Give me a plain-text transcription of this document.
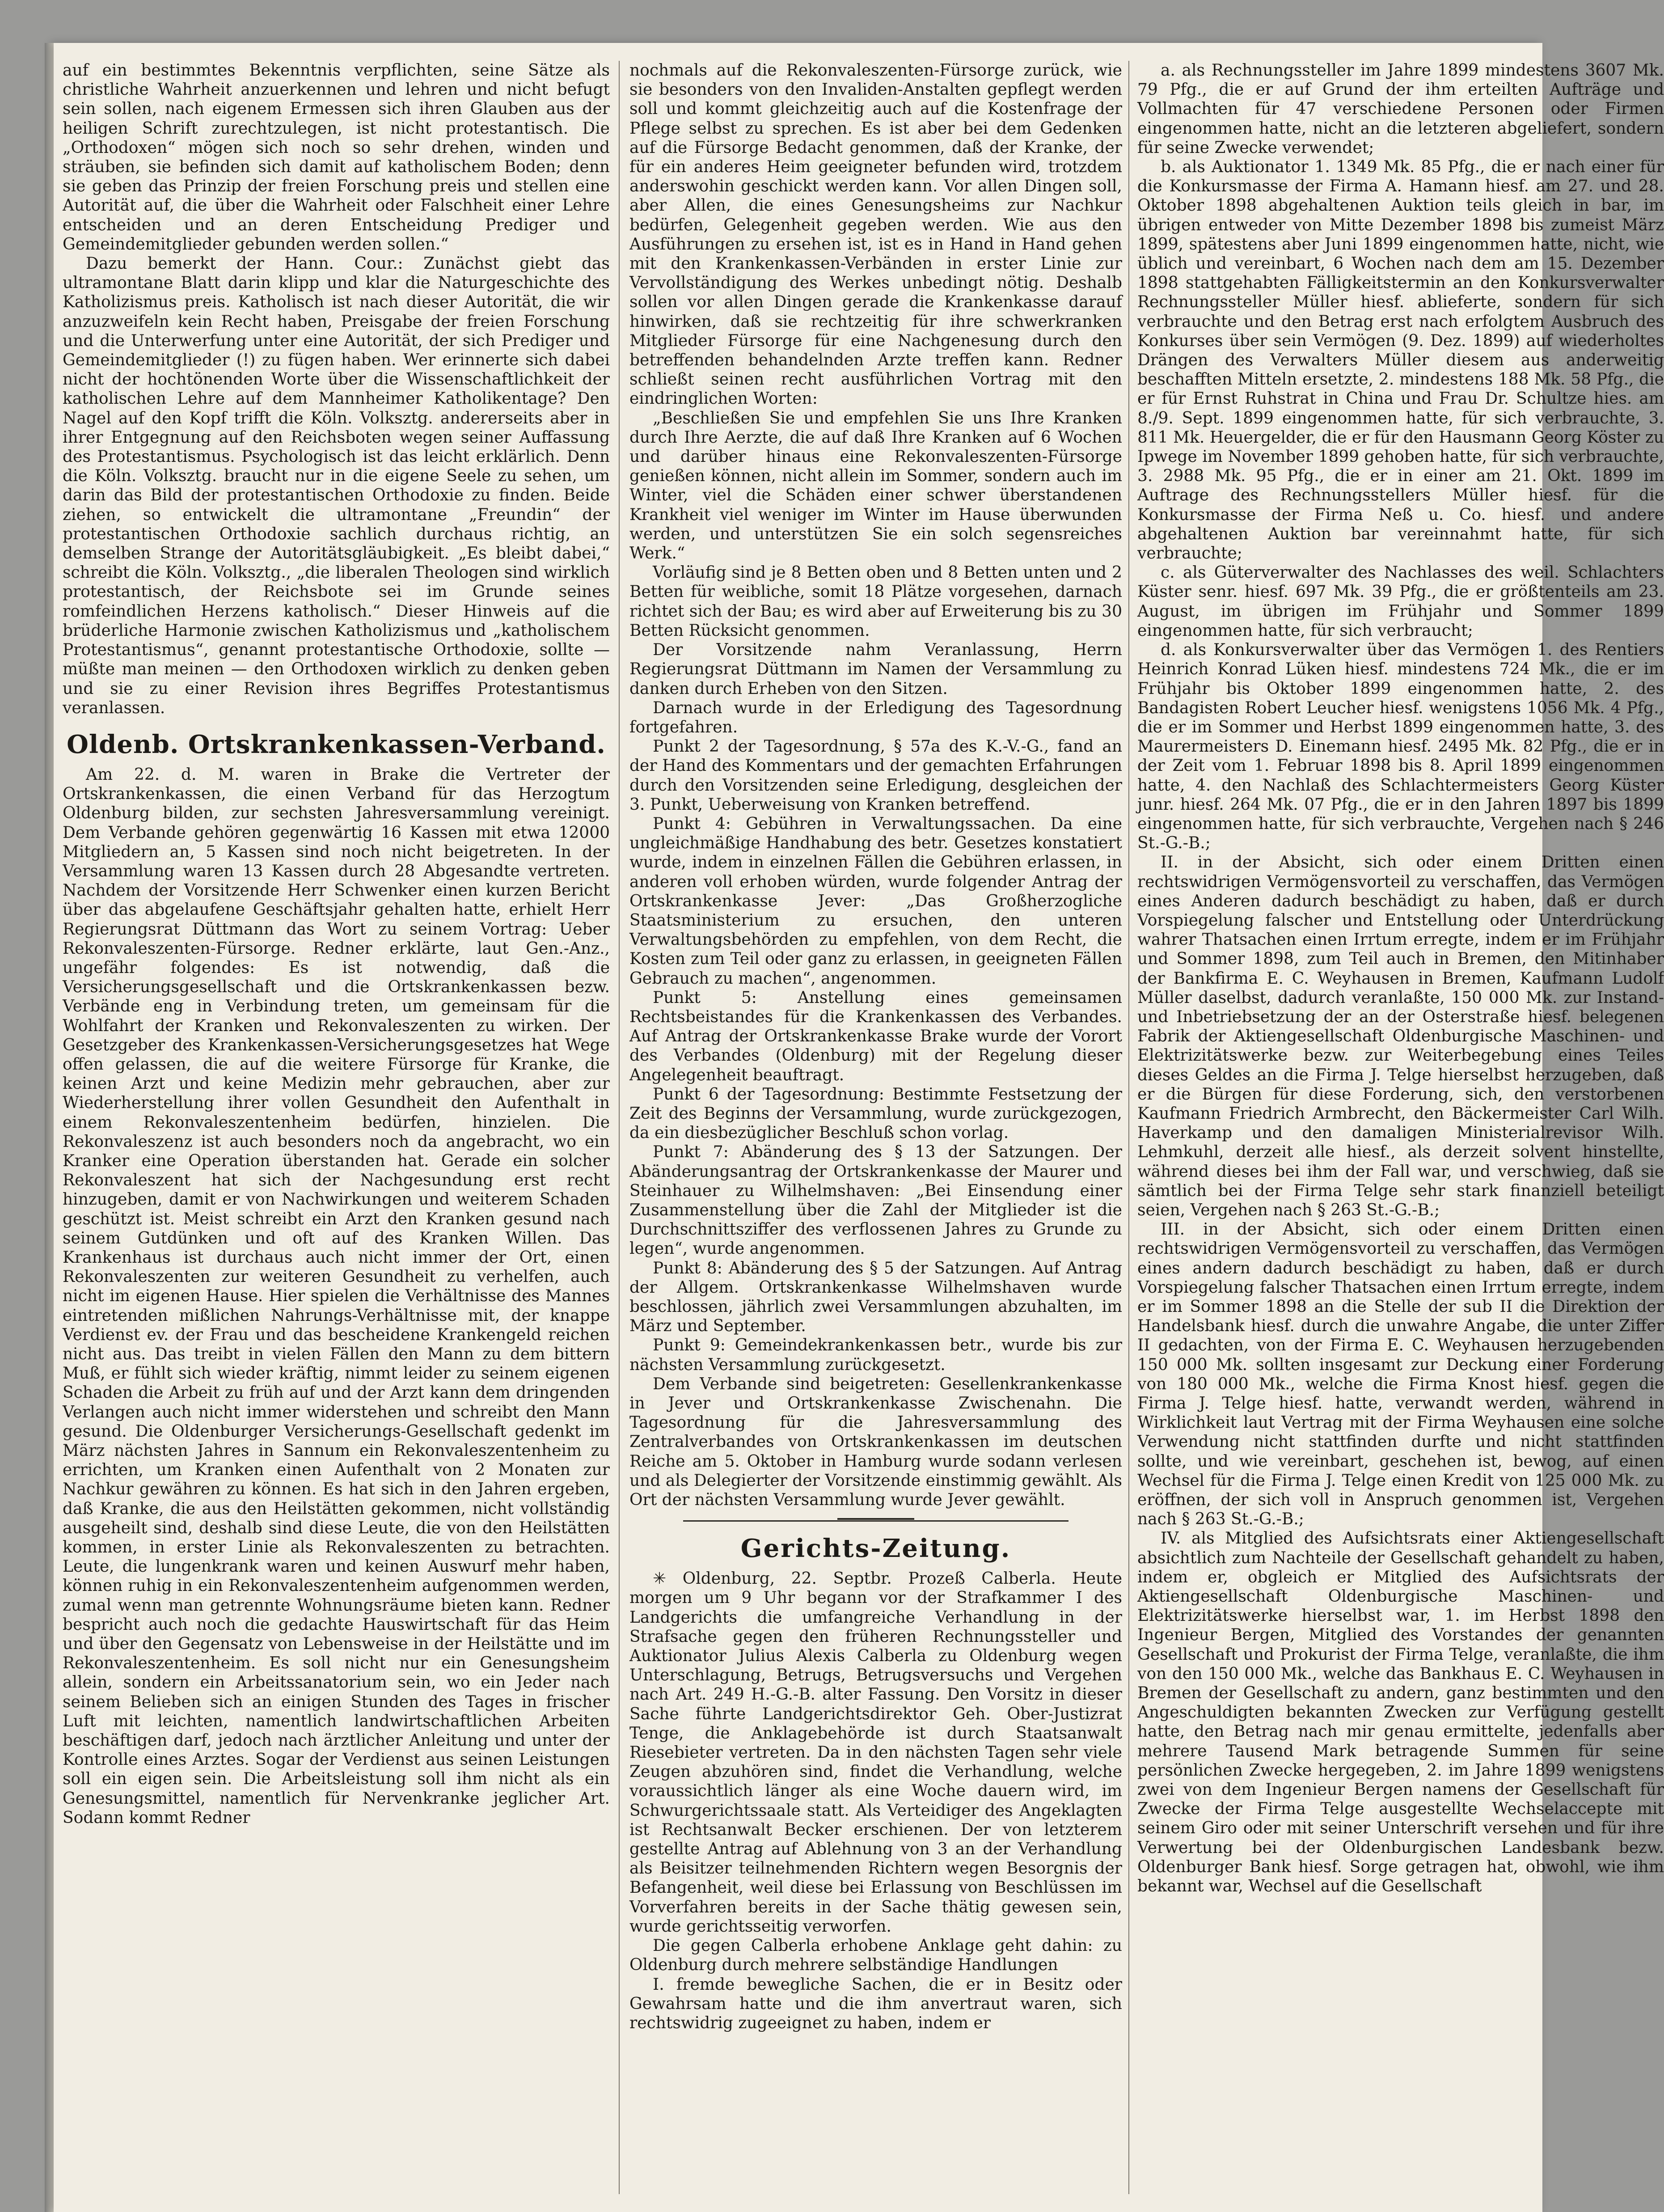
auf ein bestimmtes Bekenntnis verpflichten, seine Sätze als christliche Wahrheit anzuerkennen und lehren und nicht befugt sein sollen, nach eigenem Ermessen sich ihren Glauben aus der heiligen Schrift zurechtzulegen, ist nicht protestantisch. Die „Orthodoxen“ mögen sich noch so sehr drehen, winden und sträuben, sie befinden sich damit auf katholischem Boden; denn sie geben das Prinzip der freien Forschung preis und stellen eine Autorität auf, die über die Wahrheit oder Falschheit einer Lehre entscheiden und an deren Entscheidung Prediger und Gemeindemitglieder gebunden werden sollen.“

Dazu bemerkt der Hann. Cour.: Zunächst giebt das ultramontane Blatt darin klipp und klar die Naturgeschichte des Katholizismus preis. Katholisch ist nach dieser Autorität, die wir anzuzweifeln kein Recht haben, Preisgabe der freien Forschung und die Unterwerfung unter eine Autorität, der sich Prediger und Gemeindemitglieder (!) zu fügen haben. Wer erinnerte sich dabei nicht der hochtönenden Worte über die Wissenschaftlichkeit der katholischen Lehre auf dem Mannheimer Katholikentage? Den Nagel auf den Kopf trifft die Köln. Volksztg. andererseits aber in ihrer Entgegnung auf den Reichsboten wegen seiner Auffassung des Protestantismus. Psychologisch ist das leicht erklärlich. Denn die Köln. Volksztg. braucht nur in die eigene Seele zu sehen, um darin das Bild der protestantischen Orthodoxie zu finden. Beide ziehen, so entwickelt die ultramontane „Freundin“ der protestantischen Orthodoxie sachlich durchaus richtig, an demselben Strange der Autoritätsgläubigkeit. „Es bleibt dabei,“ schreibt die Köln. Volksztg., „die liberalen Theologen sind wirklich protestantisch, der Reichsbote sei im Grunde seines romfeindlichen Herzens katholisch.“ Dieser Hinweis auf die brüderliche Harmonie zwischen Katholizismus und „katholischem Protestantismus“, genannt protestantische Orthodoxie, sollte — müßte man meinen — den Orthodoxen wirklich zu denken geben und sie zu einer Revision ihres Begriffes Protestantismus veranlassen.

Oldenb. Ortskrankenkassen-Verband.

Am 22. d. M. waren in Brake die Vertreter der Ortskrankenkassen, die einen Verband für das Herzogtum Oldenburg bilden, zur sechsten Jahresversammlung vereinigt. Dem Verbande gehören gegenwärtig 16 Kassen mit etwa 12000 Mitgliedern an, 5 Kassen sind noch nicht beigetreten. In der Versammlung waren 13 Kassen durch 28 Abgesandte vertreten. Nachdem der Vorsitzende Herr Schwenker einen kurzen Bericht über das abgelaufene Geschäftsjahr gehalten hatte, erhielt Herr Regierungsrat Düttmann das Wort zu seinem Vortrag: Ueber Rekonvaleszenten-Fürsorge. Redner erklärte, laut Gen.-Anz., ungefähr folgendes: Es ist notwendig, daß die Versicherungsgesellschaft und die Ortskrankenkassen bezw. Verbände eng in Verbindung treten, um gemeinsam für die Wohlfahrt der Kranken und Rekonvaleszenten zu wirken. Der Gesetzgeber des Krankenkassen-Versicherungsgesetzes hat Wege offen gelassen, die auf die weitere Fürsorge für Kranke, die keinen Arzt und keine Medizin mehr gebrauchen, aber zur Wiederherstellung ihrer vollen Gesundheit den Aufenthalt in einem Rekonvaleszentenheim bedürfen, hinzielen. Die Rekonvaleszenz ist auch besonders noch da angebracht, wo ein Kranker eine Operation überstanden hat. Gerade ein solcher Rekonvaleszent hat sich der Nachgesundung erst recht hinzugeben, damit er von Nachwirkungen und weiterem Schaden geschützt ist. Meist schreibt ein Arzt den Kranken gesund nach seinem Gutdünken und oft auf des Kranken Willen. Das Krankenhaus ist durchaus auch nicht immer der Ort, einen Rekonvaleszenten zur weiteren Gesundheit zu verhelfen, auch nicht im eigenen Hause. Hier spielen die Verhältnisse des Mannes eintretenden mißlichen Nahrungs-Verhältnisse mit, der knappe Verdienst ev. der Frau und das bescheidene Krankengeld reichen nicht aus. Das treibt in vielen Fällen den Mann zu dem bittern Muß, er fühlt sich wieder kräftig, nimmt leider zu seinem eigenen Schaden die Arbeit zu früh auf und der Arzt kann dem dringenden Verlangen auch nicht immer widerstehen und schreibt den Mann gesund. Die Oldenburger Versicherungs-Gesellschaft gedenkt im März nächsten Jahres in Sannum ein Rekonvaleszentenheim zu errichten, um Kranken einen Aufenthalt von 2 Monaten zur Nachkur gewähren zu können. Es hat sich in den Jahren ergeben, daß Kranke, die aus den Heilstätten gekommen, nicht vollständig ausgeheilt sind, deshalb sind diese Leute, die von den Heilstätten kommen, in erster Linie als Rekonvaleszenten zu betrachten. Leute, die lungenkrank waren und keinen Auswurf mehr haben, können ruhig in ein Rekonvaleszentenheim aufgenommen werden, zumal wenn man getrennte Wohnungsräume bieten kann. Redner bespricht auch noch die gedachte Hauswirtschaft für das Heim und über den Gegensatz von Lebensweise in der Heilstätte und im Rekonvaleszentenheim. Es soll nicht nur ein Genesungsheim allein, sondern ein Arbeitssanatorium sein, wo ein Jeder nach seinem Belieben sich an einigen Stunden des Tages in frischer Luft mit leichten, namentlich landwirtschaftlichen Arbeiten beschäftigen darf, jedoch nach ärztlicher Anleitung und unter der Kontrolle eines Arztes. Sogar der Verdienst aus seinen Leistungen soll ein eigen sein. Die Arbeitsleistung soll ihm nicht als ein Genesungsmittel, namentlich für Nervenkranke jeglicher Art. Sodann kommt Redner

nochmals auf die Rekonvaleszenten-Fürsorge zurück, wie sie besonders von den Invaliden-Anstalten gepflegt werden soll und kommt gleichzeitig auch auf die Kostenfrage der Pflege selbst zu sprechen. Es ist aber bei dem Gedenken auf die Fürsorge Bedacht genommen, daß der Kranke, der für ein anderes Heim geeigneter befunden wird, trotzdem anderswohin geschickt werden kann. Vor allen Dingen soll, aber Allen, die eines Genesungsheims zur Nachkur bedürfen, Gelegenheit gegeben werden. Wie aus den Ausführungen zu ersehen ist, ist es in Hand in Hand gehen mit den Krankenkassen-Verbänden in erster Linie zur Vervollständigung des Werkes unbedingt nötig. Deshalb sollen vor allen Dingen gerade die Krankenkasse darauf hinwirken, daß sie rechtzeitig für ihre schwerkranken Mitglieder Fürsorge für eine Nachgenesung durch den betreffenden behandelnden Arzte treffen kann. Redner schließt seinen recht ausführlichen Vortrag mit den eindringlichen Worten:

„Beschließen Sie und empfehlen Sie uns Ihre Kranken durch Ihre Aerzte, die auf daß Ihre Kranken auf 6 Wochen und darüber hinaus eine Rekonvaleszenten-Fürsorge genießen können, nicht allein im Sommer, sondern auch im Winter, viel die Schäden einer schwer überstandenen Krankheit viel weniger im Winter im Hause überwunden werden, und unterstützen Sie ein solch segensreiches Werk.“

Vorläufig sind je 8 Betten oben und 8 Betten unten und 2 Betten für weibliche, somit 18 Plätze vorgesehen, darnach richtet sich der Bau; es wird aber auf Erweiterung bis zu 30 Betten Rücksicht genommen.

Der Vorsitzende nahm Veranlassung, Herrn Regierungsrat Düttmann im Namen der Versammlung zu danken durch Erheben von den Sitzen.

Darnach wurde in der Erledigung des Tagesordnung fortgefahren.

Punkt 2 der Tagesordnung, § 57a des K.-V.-G., fand an der Hand des Kommentars und der gemachten Erfahrungen durch den Vorsitzenden seine Erledigung, desgleichen der 3. Punkt, Ueberweisung von Kranken betreffend.

Punkt 4: Gebühren in Verwaltungssachen. Da eine ungleichmäßige Handhabung des betr. Gesetzes konstatiert wurde, indem in einzelnen Fällen die Gebühren erlassen, in anderen voll erhoben würden, wurde folgender Antrag der Ortskrankenkasse Jever: „Das Großherzogliche Staatsministerium zu ersuchen, den unteren Verwaltungsbehörden zu empfehlen, von dem Recht, die Kosten zum Teil oder ganz zu erlassen, in geeigneten Fällen Gebrauch zu machen“, angenommen.

Punkt 5: Anstellung eines gemeinsamen Rechtsbeistandes für die Krankenkassen des Verbandes. Auf Antrag der Ortskrankenkasse Brake wurde der Vorort des Verbandes (Oldenburg) mit der Regelung dieser Angelegenheit beauftragt.

Punkt 6 der Tagesordnung: Bestimmte Festsetzung der Zeit des Beginns der Versammlung, wurde zurückgezogen, da ein diesbezüglicher Beschluß schon vorlag.

Punkt 7: Abänderung des § 13 der Satzungen. Der Abänderungsantrag der Ortskrankenkasse der Maurer und Steinhauer zu Wilhelmshaven: „Bei Einsendung einer Zusammenstellung über die Zahl der Mitglieder ist die Durchschnittsziffer des verflossenen Jahres zu Grunde zu legen“, wurde angenommen.

Punkt 8: Abänderung des § 5 der Satzungen. Auf Antrag der Allgem. Ortskrankenkasse Wilhelmshaven wurde beschlossen, jährlich zwei Versammlungen abzuhalten, im März und September.

Punkt 9: Gemeindekrankenkassen betr., wurde bis zur nächsten Versammlung zurückgesetzt.

Dem Verbande sind beigetreten: Gesellenkrankenkasse in Jever und Ortskrankenkasse Zwischenahn. Die Tagesordnung für die Jahresversammlung des Zentralverbandes von Ortskrankenkassen im deutschen Reiche am 5. Oktober in Hamburg wurde sodann verlesen und als Delegierter der Vorsitzende einstimmig gewählt. Als Ort der nächsten Versammlung wurde Jever gewählt.

Gerichts-Zeitung.

✳ Oldenburg, 22. Septbr. Prozeß Calberla. Heute morgen um 9 Uhr begann vor der Strafkammer I des Landgerichts die umfangreiche Verhandlung in der Strafsache gegen den früheren Rechnungssteller und Auktionator Julius Alexis Calberla zu Oldenburg wegen Unterschlagung, Betrugs, Betrugsversuchs und Vergehen nach Art. 249 H.-G.-B. alter Fassung. Den Vorsitz in dieser Sache führte Landgerichtsdirektor Geh. Ober-Justizrat Tenge, die Anklagebehörde ist durch Staatsanwalt Riesebieter vertreten. Da in den nächsten Tagen sehr viele Zeugen abzuhören sind, findet die Verhandlung, welche voraussichtlich länger als eine Woche dauern wird, im Schwurgerichtssaale statt. Als Verteidiger des Angeklagten ist Rechtsanwalt Becker erschienen. Der von letzterem gestellte Antrag auf Ablehnung von 3 an der Verhandlung als Beisitzer teilnehmenden Richtern wegen Besorgnis der Befangenheit, weil diese bei Erlassung von Beschlüssen im Vorverfahren bereits in der Sache thätig gewesen sein, wurde gerichtsseitig verworfen.

Die gegen Calberla erhobene Anklage geht dahin: zu Oldenburg durch mehrere selbständige Handlungen

I. fremde bewegliche Sachen, die er in Besitz oder Gewahrsam hatte und die ihm anvertraut waren, sich rechtswidrig zugeeignet zu haben, indem er

a. als Rechnungssteller im Jahre 1899 mindestens 3607 Mk. 79 Pfg., die er auf Grund der ihm erteilten Aufträge und Vollmachten für 47 verschiedene Personen oder Firmen eingenommen hatte, nicht an die letzteren abgeliefert, sondern für seine Zwecke verwendet;

b. als Auktionator 1. 1349 Mk. 85 Pfg., die er nach einer für die Konkursmasse der Firma A. Hamann hiesf. am 27. und 28. Oktober 1898 abgehaltenen Auktion teils gleich in bar, im übrigen entweder von Mitte Dezember 1898 bis zumeist März 1899, spätestens aber Juni 1899 eingenommen hatte, nicht, wie üblich und vereinbart, 6 Wochen nach dem am 15. Dezember 1898 stattgehabten Fälligkeitstermin an den Konkursverwalter Rechnungssteller Müller hiesf. ablieferte, sondern für sich verbrauchte und den Betrag erst nach erfolgtem Ausbruch des Konkurses über sein Vermögen (9. Dez. 1899) auf wiederholtes Drängen des Verwalters Müller diesem aus anderweitig beschafften Mitteln ersetzte, 2. mindestens 188 Mk. 58 Pfg., die er für Ernst Ruhstrat in China und Frau Dr. Schultze hies. am 8./9. Sept. 1899 eingenommen hatte, für sich verbrauchte, 3. 811 Mk. Heuergelder, die er für den Hausmann Georg Köster zu Ipwege im November 1899 gehoben hatte, für sich verbrauchte, 3. 2988 Mk. 95 Pfg., die er in einer am 21. Okt. 1899 im Auftrage des Rechnungsstellers Müller hiesf. für die Konkursmasse der Firma Neß u. Co. hiesf. und andere abgehaltenen Auktion bar vereinnahmt hatte, für sich verbrauchte;

c. als Güterverwalter des Nachlasses des weil. Schlachters Küster senr. hiesf. 697 Mk. 39 Pfg., die er größtenteils am 23. August, im übrigen im Frühjahr und Sommer 1899 eingenommen hatte, für sich verbraucht;

d. als Konkursverwalter über das Vermögen 1. des Rentiers Heinrich Konrad Lüken hiesf. mindestens 724 Mk., die er im Frühjahr bis Oktober 1899 eingenommen hatte, 2. des Bandagisten Robert Leucher hiesf. wenigstens 1056 Mk. 4 Pfg., die er im Sommer und Herbst 1899 eingenommen hatte, 3. des Maurermeisters D. Einemann hiesf. 2495 Mk. 82 Pfg., die er in der Zeit vom 1. Februar 1898 bis 8. April 1899 eingenommen hatte, 4. den Nachlaß des Schlachtermeisters Georg Küster junr. hiesf. 264 Mk. 07 Pfg., die er in den Jahren 1897 bis 1899 eingenommen hatte, für sich verbrauchte, Vergehen nach § 246 St.-G.-B.;

II. in der Absicht, sich oder einem Dritten einen rechtswidrigen Vermögensvorteil zu verschaffen, das Vermögen eines Anderen dadurch beschädigt zu haben, daß er durch Vorspiegelung falscher und Entstellung oder Unterdrückung wahrer Thatsachen einen Irrtum erregte, indem er im Frühjahr und Sommer 1898, zum Teil auch in Bremen, den Mitinhaber der Bankfirma E. C. Weyhausen in Bremen, Kaufmann Ludolf Müller daselbst, dadurch veranlaßte, 150 000 Mk. zur Instand- und Inbetriebsetzung der an der Osterstraße hiesf. belegenen Fabrik der Aktiengesellschaft Oldenburgische Maschinen- und Elektrizitätswerke bezw. zur Weiterbegebung eines Teiles dieses Geldes an die Firma J. Telge hierselbst herzugeben, daß er die Bürgen für diese Forderung, sich, den verstorbenen Kaufmann Friedrich Armbrecht, den Bäckermeister Carl Wilh. Haverkamp und den damaligen Ministerialrevisor Wilh. Lehmkuhl, derzeit alle hiesf., als derzeit solvent hinstellte, während dieses bei ihm der Fall war, und verschwieg, daß sie sämtlich bei der Firma Telge sehr stark finanziell beteiligt seien, Vergehen nach § 263 St.-G.-B.;

III. in der Absicht, sich oder einem Dritten einen rechtswidrigen Vermögensvorteil zu verschaffen, das Vermögen eines andern dadurch beschädigt zu haben, daß er durch Vorspiegelung falscher Thatsachen einen Irrtum erregte, indem er im Sommer 1898 an die Stelle der sub II die Direktion der Handelsbank hiesf. durch die unwahre Angabe, die unter Ziffer II gedachten, von der Firma E. C. Weyhausen herzugebenden 150 000 Mk. sollten insgesamt zur Deckung einer Forderung von 180 000 Mk., welche die Firma Knost hiesf. gegen die Firma J. Telge hiesf. hatte, verwandt werden, während in Wirklichkeit laut Vertrag mit der Firma Weyhausen eine solche Verwendung nicht stattfinden durfte und nicht stattfinden sollte, und wie vereinbart, geschehen ist, bewog, auf einen Wechsel für die Firma J. Telge einen Kredit von 125 000 Mk. zu eröffnen, der sich voll in Anspruch genommen ist, Vergehen nach § 263 St.-G.-B.;

IV. als Mitglied des Aufsichtsrats einer Aktiengesellschaft absichtlich zum Nachteile der Gesellschaft gehandelt zu haben, indem er, obgleich er Mitglied des Aufsichtsrats der Aktiengesellschaft Oldenburgische Maschinen- und Elektrizitätswerke hierselbst war, 1. im Herbst 1898 den Ingenieur Bergen, Mitglied des Vorstandes der genannten Gesellschaft und Prokurist der Firma Telge, veranlaßte, die ihm von den 150 000 Mk., welche das Bankhaus E. C. Weyhausen in Bremen der Gesellschaft zu andern, ganz bestimmten und den Angeschuldigten bekannten Zwecken zur Verfügung gestellt hatte, den Betrag nach mir genau ermittelte, jedenfalls aber mehrere Tausend Mark betragende Summen für seine persönlichen Zwecke hergegeben, 2. im Jahre 1899 wenigstens zwei von dem Ingenieur Bergen namens der Gesellschaft für Zwecke der Firma Telge ausgestellte Wechselaccepte mit seinem Giro oder mit seiner Unterschrift versehen und für ihre Verwertung bei der Oldenburgischen Landesbank bezw. Oldenburger Bank hiesf. Sorge getragen hat, obwohl, wie ihm bekannt war, Wechsel auf die Gesellschaft
